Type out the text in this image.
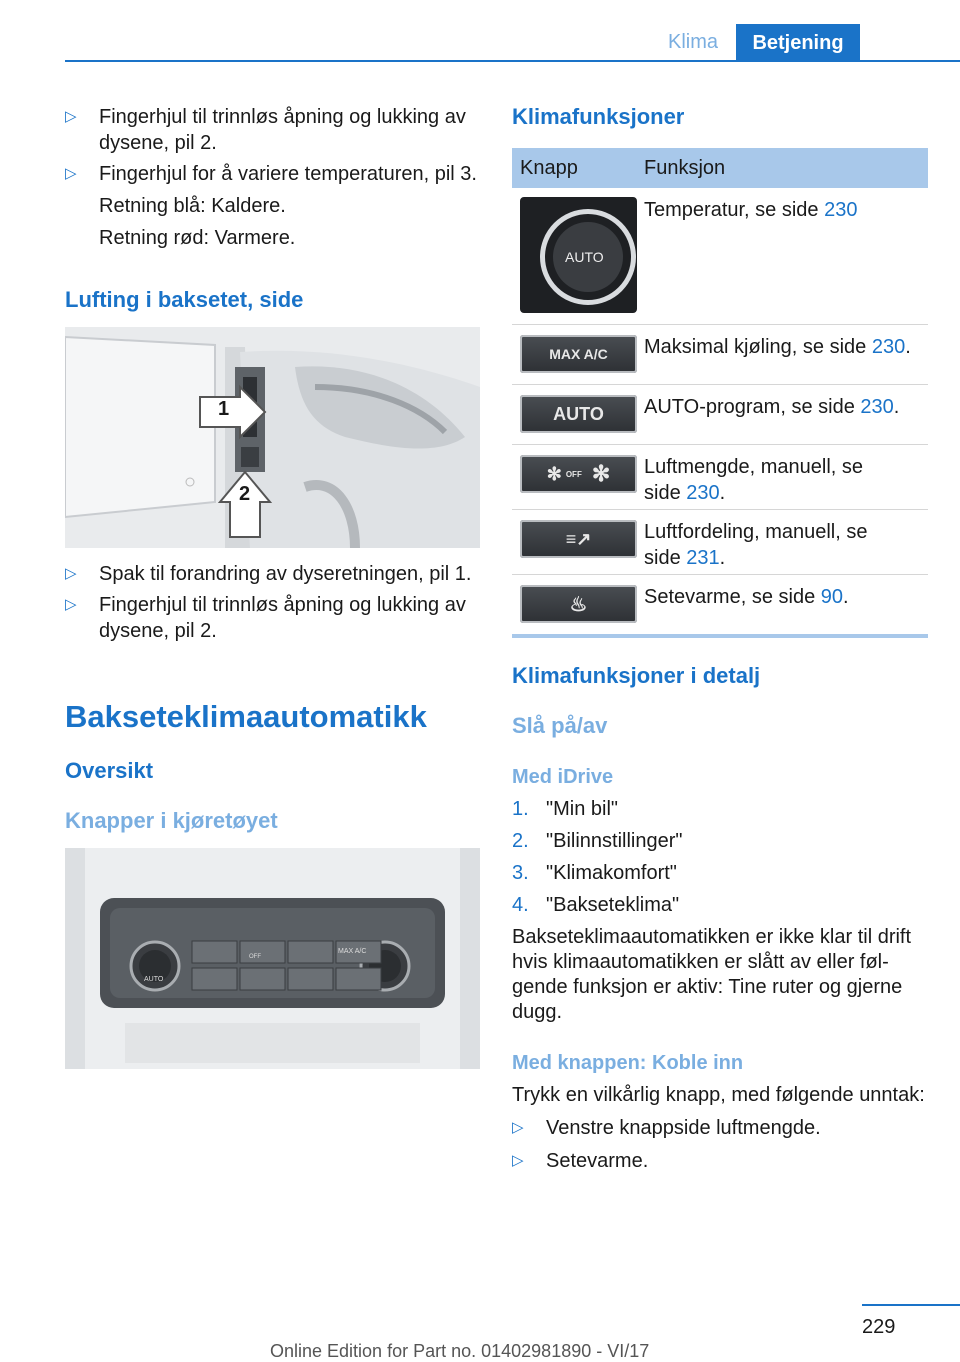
Klima	Betjening
▷ Fingerhjul til trinnløs åpning og lukking av dysene, pil 2.
▷ Fingerhjul for å variere temperaturen, pil 3.
Retning blå: Kaldere.
Retning rød: Varmere.
Lufting i baksetet, side
1
2
▷ Spak til forandring av dyseretningen, pil 1.
▷ Fingerhjul til trinnløs åpning og lukking av dysene, pil 2.
Bakseteklimaautomatikk
Oversikt
Knapper i kjøretøyet
AUTO
OFF
MAX A/C
Klimafunksjoner
Knapp	Funksjon
AUTO
Temperatur, se side 230
MAX A/C Maksimal kjøling, se side 230.
AUTO AUTO-program, se side 230.
✻ OFF ✻ Luftmengde, manuell, se
side 230.
≡↗	Luftfordeling, manuell, se
side 231.
♨	Setevarme, se side 90.
Klimafunksjoner i detalj
Slå på/av
Med iDrive
1. "Min bil"
2. "Bilinnstillinger"
3. "Klimakomfort"
4. "Bakseteklima"
Bakseteklimaautomatikken er ikke klar til drift
hvis klimaautomatikken er slått av eller føl-
gende funksjon er aktiv: Tine ruter og gjerne
dugg.
Med knappen: Koble inn
Trykk en vilkårlig knapp, med følgende unntak:
▷ Venstre knappside luftmengde.
▷ Setevarme.
229
Online Edition for Part no. 01402981890 - VI/17
